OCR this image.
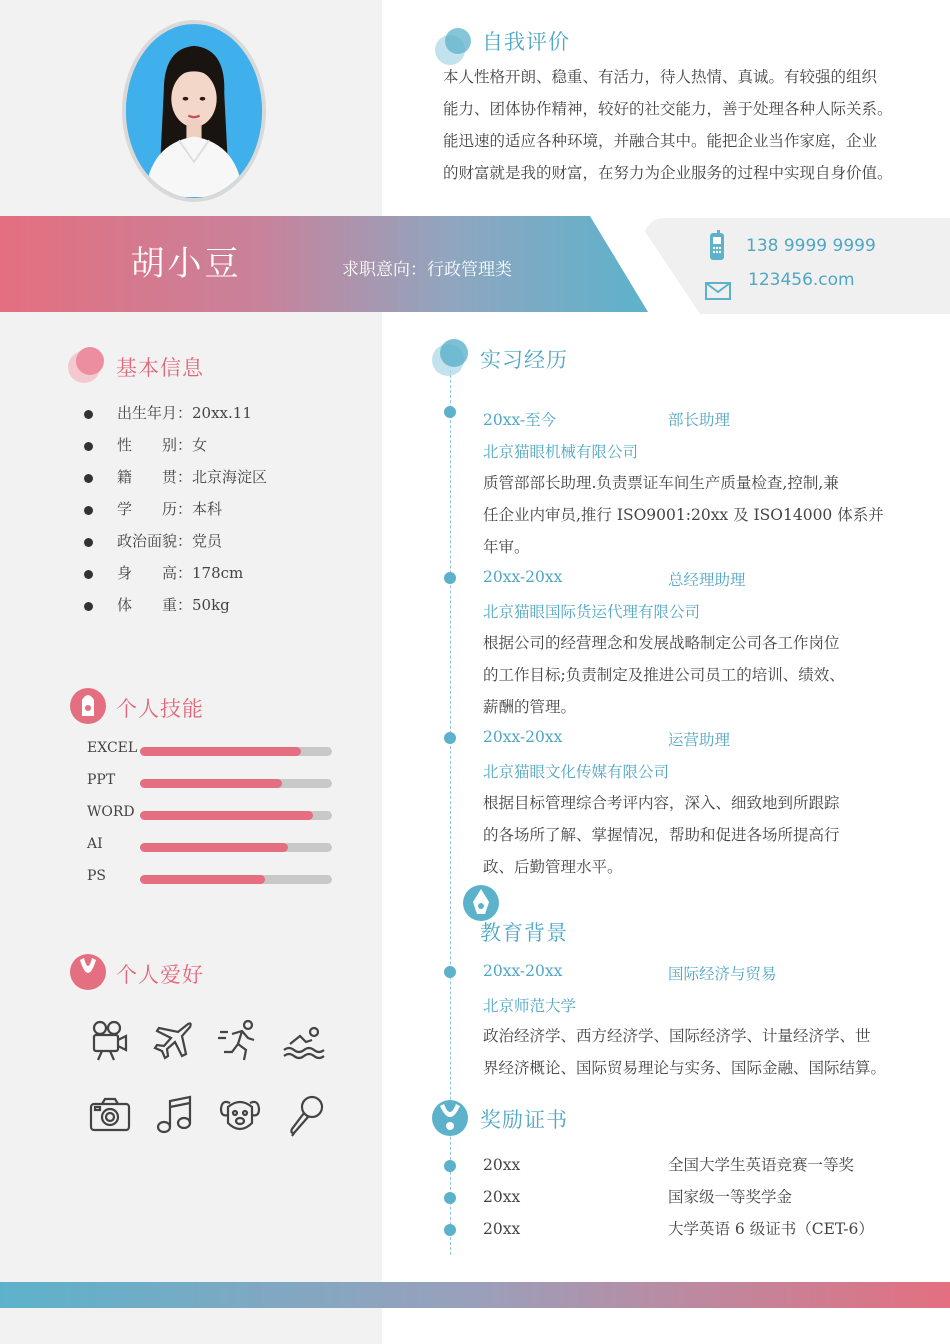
自我评价
本人性格开朗、稳重、有活力，待人热情、真诚。有较强的组织
能力、团体协作精神，较好的社交能力，善于处理各种人际关系。
能迅速的适应各种环境，并融合其中。能把企业当作家庭，企业
的财富就是我的财富，在努力为企业服务的过程中实现自身价值。
胡小豆	求职意向：行政管理类
138 9999 9999
123456.com
基本信息
出生年月：20xx.11
性　　别：女
籍　　贯：北京海淀区
学　　历：本科
政治面貌：党员
身　　高：178cm
体　　重：50kg
个人技能
EXCEL
PPT
WORD
AI
PS
个人爱好
实习经历
20xx-至今	部长助理
北京猫眼机械有限公司
质管部部长助理.负责票证车间生产质量检查,控制,兼
任企业内审员,推行 ISO9001:20xx 及 ISO14000 体系并
年审。
20xx-20xx	总经理助理
北京猫眼国际货运代理有限公司
根据公司的经营理念和发展战略制定公司各工作岗位
的工作目标;负责制定及推进公司员工的培训、绩效、
薪酬的管理。
20xx-20xx	运营助理
北京猫眼文化传媒有限公司
根据目标管理综合考评内容，深入、细致地到所跟踪
的各场所了解、掌握情况，帮助和促进各场所提高行
政、后勤管理水平。
教育背景
20xx-20xx	国际经济与贸易
北京师范大学
政治经济学、西方经济学、国际经济学、计量经济学、世
界经济概论、国际贸易理论与实务、国际金融、国际结算。
奖励证书
20xx	全国大学生英语竞赛一等奖
20xx	国家级一等奖学金
20xx	大学英语 6 级证书（CET-6）
